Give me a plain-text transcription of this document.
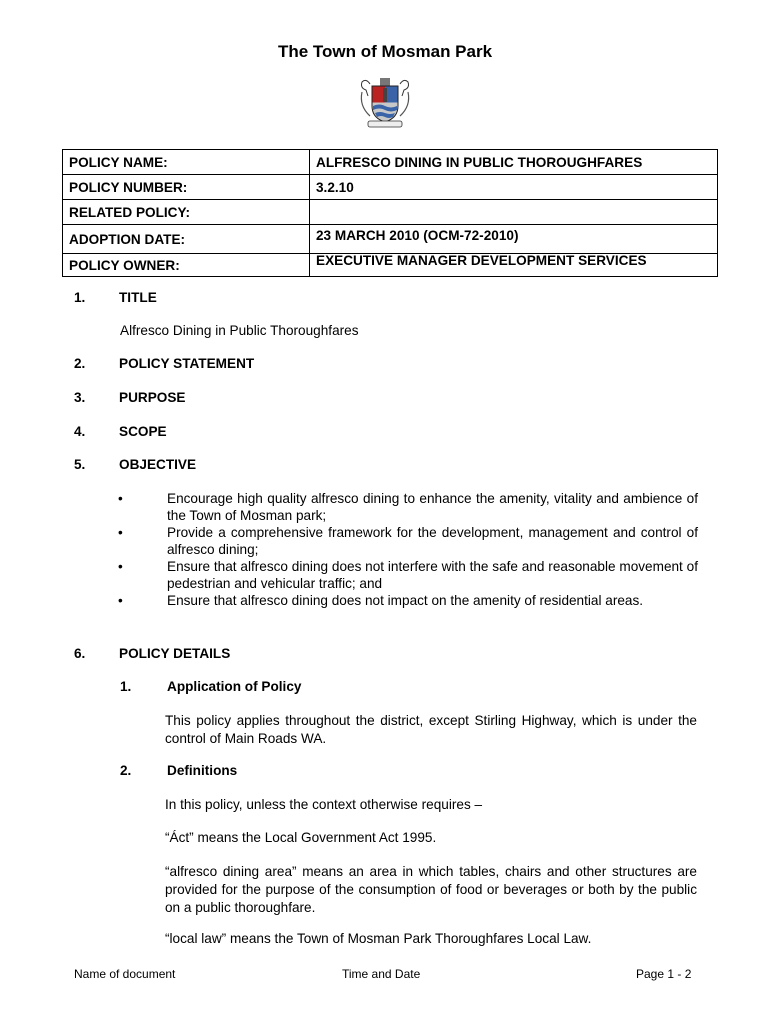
The Town of Mosman Park
POLICY NAME:	ALFRESCO DINING IN PUBLIC THOROUGHFARES
POLICY NUMBER:	3.2.10
RELATED POLICY:	
ADOPTION DATE:	23 MARCH 2010 (OCM-72-2010)
POLICY OWNER:	EXECUTIVE MANAGER DEVELOPMENT SERVICES
1. TITLE
Alfresco Dining in Public Thoroughfares
2. POLICY STATEMENT
3. PURPOSE
4. SCOPE
5. OBJECTIVE
•	Encourage high quality alfresco dining to enhance the amenity, vitality and ambience of the Town of Mosman park;
•	Provide a comprehensive framework for the development, management and control of alfresco dining;
•	Ensure that alfresco dining does not interfere with the safe and reasonable movement of pedestrian and vehicular traffic; and
•	Ensure that alfresco dining does not impact on the amenity of residential areas.
6. POLICY DETAILS
1.	Application of Policy
This policy applies throughout the district, except Stirling Highway, which is under the control of Main Roads WA.
2.	Definitions
In this policy, unless the context otherwise requires –
“Áct” means the Local Government Act 1995.
“alfresco dining area” means an area in which tables, chairs and other structures are provided for the purpose of the consumption of food or beverages or both by the public on a public thoroughfare.
“local law” means the Town of Mosman Park Thoroughfares Local Law.
Name of document	Time and Date	Page 1 - 2
